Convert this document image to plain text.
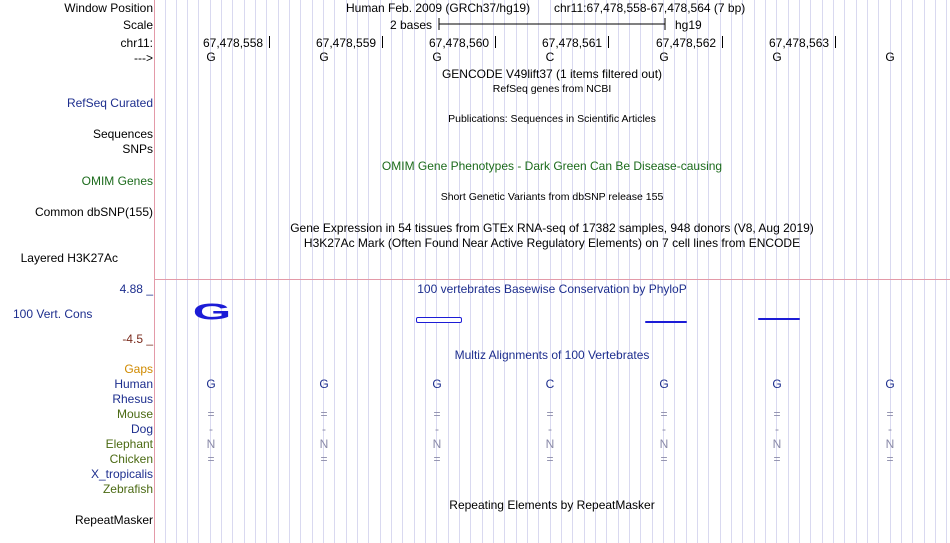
Window Position
Scale
chr11:
--->
Human Feb. 2009 (GRCh37/hg19) chr11:67,478,558-67,478,564 (7 bp)
2 bases	hg19
67,478,558	67,478,559	67,478,560	67,478,561	67,478,562	67,478,563
G	G	G	C	G	G	G
GENCODE V49lift37 (1 items filtered out)
RefSeq genes from NCBI
RefSeq Curated
Publications: Sequences in Scientific Articles
Sequences
SNPs
OMIM Gene Phenotypes - Dark Green Can Be Disease-causing
OMIM Genes
Short Genetic Variants from dbSNP release 155
Common dbSNP(155)
Gene Expression in 54 tissues from GTEx RNA-seq of 17382 samples, 948 donors (V8, Aug 2019)
H3K27Ac Mark (Often Found Near Active Regulatory Elements) on 7 cell lines from ENCODE
Layered H3K27Ac
100 vertebrates Basewise Conservation by PhyloP
4.88 _
100 Vert. Cons
-4.5 _
G
Multiz Alignments of 100 Vertebrates
Gaps
Human	G	G	G	C	G	G	G
Rhesus
Mouse	=	=	=	=	=	=	=
Dog	-	-	-	-	-	-	-
Elephant	N	N	N	N	N	N	N
Chicken	=	=	=	=	=	=	=
X_tropicalis
Zebrafish
Repeating Elements by RepeatMasker
RepeatMasker
